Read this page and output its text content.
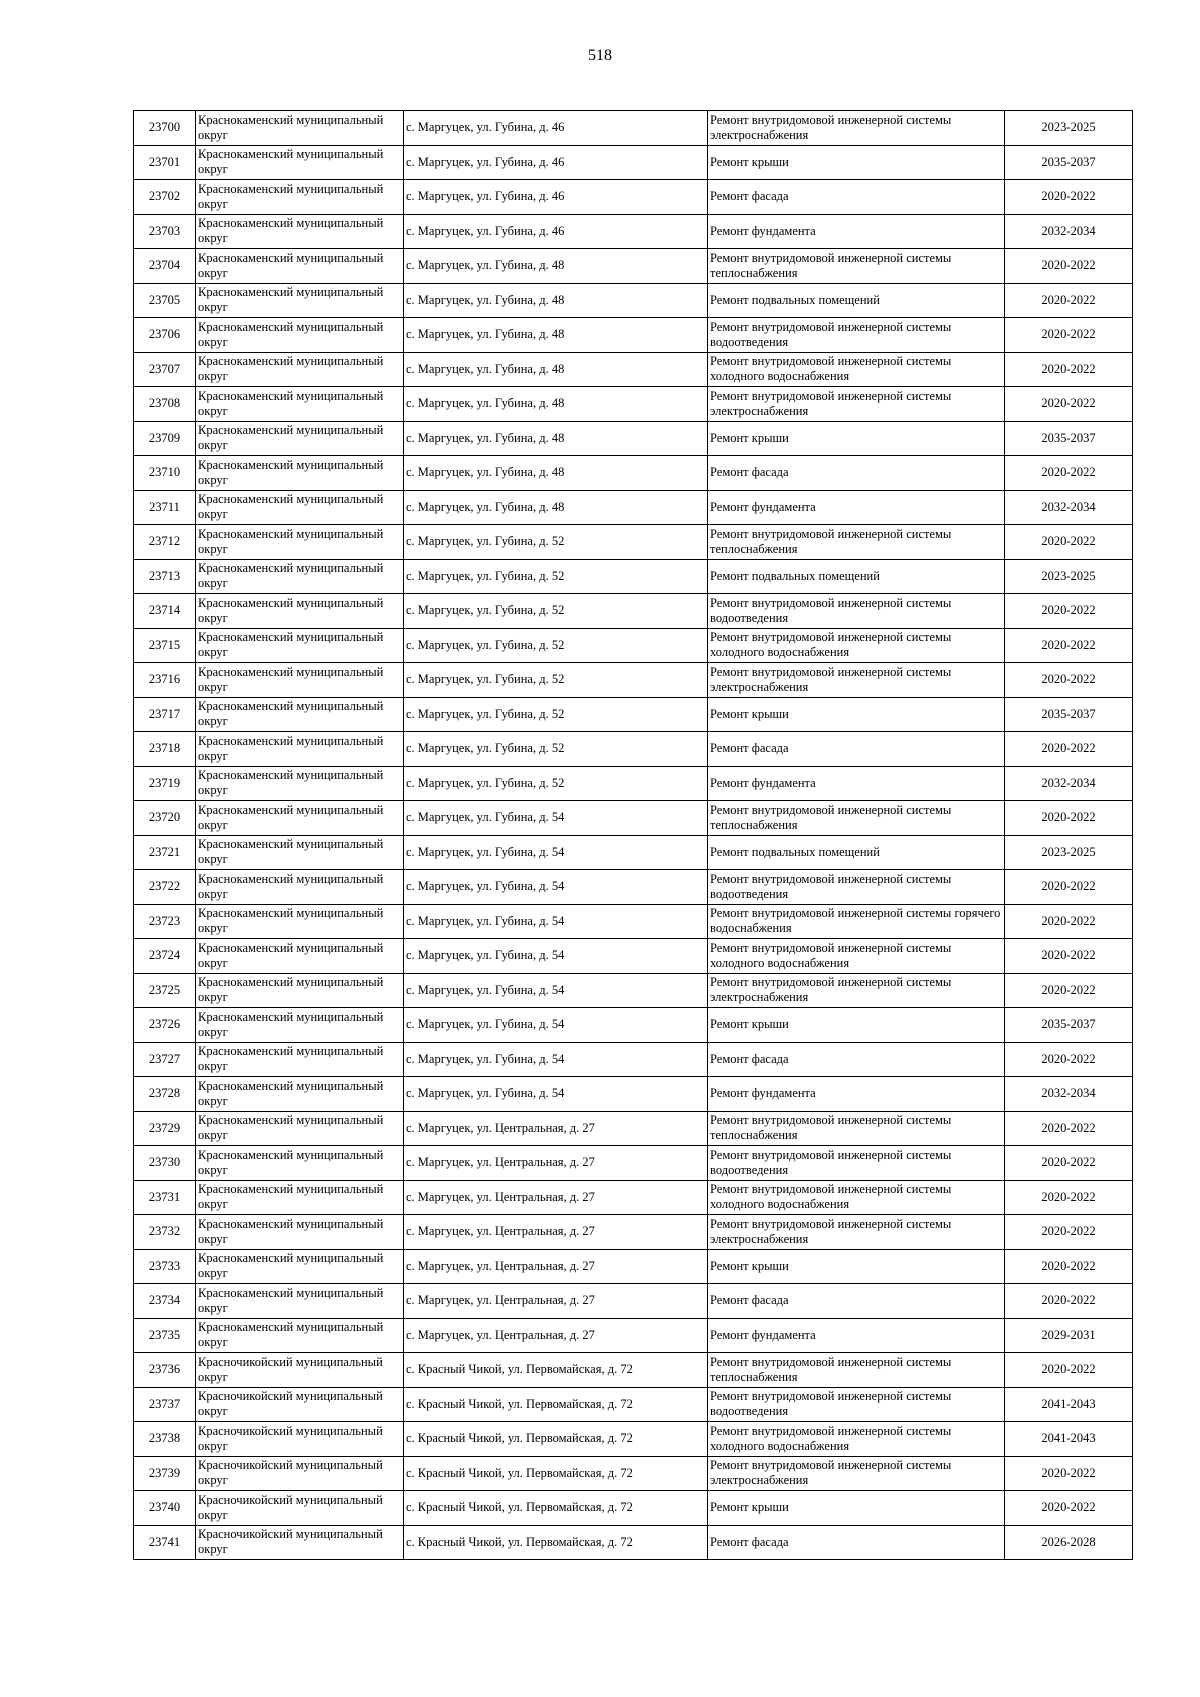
518
23700	Краснокаменский муниципальный округ	с. Маргуцек, ул. Губина, д. 46	Ремонт внутридомовой инженерной системы электроснабжения	2023-2025
23701	Краснокаменский муниципальный округ	с. Маргуцек, ул. Губина, д. 46	Ремонт крыши	2035-2037
23702	Краснокаменский муниципальный округ	с. Маргуцек, ул. Губина, д. 46	Ремонт фасада	2020-2022
23703	Краснокаменский муниципальный округ	с. Маргуцек, ул. Губина, д. 46	Ремонт фундамента	2032-2034
23704	Краснокаменский муниципальный округ	с. Маргуцек, ул. Губина, д. 48	Ремонт внутридомовой инженерной системы теплоснабжения	2020-2022
23705	Краснокаменский муниципальный округ	с. Маргуцек, ул. Губина, д. 48	Ремонт подвальных помещений	2020-2022
23706	Краснокаменский муниципальный округ	с. Маргуцек, ул. Губина, д. 48	Ремонт внутридомовой инженерной системы водоотведения	2020-2022
23707	Краснокаменский муниципальный округ	с. Маргуцек, ул. Губина, д. 48	Ремонт внутридомовой инженерной системы холодного водоснабжения	2020-2022
23708	Краснокаменский муниципальный округ	с. Маргуцек, ул. Губина, д. 48	Ремонт внутридомовой инженерной системы электроснабжения	2020-2022
23709	Краснокаменский муниципальный округ	с. Маргуцек, ул. Губина, д. 48	Ремонт крыши	2035-2037
23710	Краснокаменский муниципальный округ	с. Маргуцек, ул. Губина, д. 48	Ремонт фасада	2020-2022
23711	Краснокаменский муниципальный округ	с. Маргуцек, ул. Губина, д. 48	Ремонт фундамента	2032-2034
23712	Краснокаменский муниципальный округ	с. Маргуцек, ул. Губина, д. 52	Ремонт внутридомовой инженерной системы теплоснабжения	2020-2022
23713	Краснокаменский муниципальный округ	с. Маргуцек, ул. Губина, д. 52	Ремонт подвальных помещений	2023-2025
23714	Краснокаменский муниципальный округ	с. Маргуцек, ул. Губина, д. 52	Ремонт внутридомовой инженерной системы водоотведения	2020-2022
23715	Краснокаменский муниципальный округ	с. Маргуцек, ул. Губина, д. 52	Ремонт внутридомовой инженерной системы холодного водоснабжения	2020-2022
23716	Краснокаменский муниципальный округ	с. Маргуцек, ул. Губина, д. 52	Ремонт внутридомовой инженерной системы электроснабжения	2020-2022
23717	Краснокаменский муниципальный округ	с. Маргуцек, ул. Губина, д. 52	Ремонт крыши	2035-2037
23718	Краснокаменский муниципальный округ	с. Маргуцек, ул. Губина, д. 52	Ремонт фасада	2020-2022
23719	Краснокаменский муниципальный округ	с. Маргуцек, ул. Губина, д. 52	Ремонт фундамента	2032-2034
23720	Краснокаменский муниципальный округ	с. Маргуцек, ул. Губина, д. 54	Ремонт внутридомовой инженерной системы теплоснабжения	2020-2022
23721	Краснокаменский муниципальный округ	с. Маргуцек, ул. Губина, д. 54	Ремонт подвальных помещений	2023-2025
23722	Краснокаменский муниципальный округ	с. Маргуцек, ул. Губина, д. 54	Ремонт внутридомовой инженерной системы водоотведения	2020-2022
23723	Краснокаменский муниципальный округ	с. Маргуцек, ул. Губина, д. 54	Ремонт внутридомовой инженерной системы горячего водоснабжения	2020-2022
23724	Краснокаменский муниципальный округ	с. Маргуцек, ул. Губина, д. 54	Ремонт внутридомовой инженерной системы холодного водоснабжения	2020-2022
23725	Краснокаменский муниципальный округ	с. Маргуцек, ул. Губина, д. 54	Ремонт внутридомовой инженерной системы электроснабжения	2020-2022
23726	Краснокаменский муниципальный округ	с. Маргуцек, ул. Губина, д. 54	Ремонт крыши	2035-2037
23727	Краснокаменский муниципальный округ	с. Маргуцек, ул. Губина, д. 54	Ремонт фасада	2020-2022
23728	Краснокаменский муниципальный округ	с. Маргуцек, ул. Губина, д. 54	Ремонт фундамента	2032-2034
23729	Краснокаменский муниципальный округ	с. Маргуцек, ул. Центральная, д. 27	Ремонт внутридомовой инженерной системы теплоснабжения	2020-2022
23730	Краснокаменский муниципальный округ	с. Маргуцек, ул. Центральная, д. 27	Ремонт внутридомовой инженерной системы водоотведения	2020-2022
23731	Краснокаменский муниципальный округ	с. Маргуцек, ул. Центральная, д. 27	Ремонт внутридомовой инженерной системы холодного водоснабжения	2020-2022
23732	Краснокаменский муниципальный округ	с. Маргуцек, ул. Центральная, д. 27	Ремонт внутридомовой инженерной системы электроснабжения	2020-2022
23733	Краснокаменский муниципальный округ	с. Маргуцек, ул. Центральная, д. 27	Ремонт крыши	2020-2022
23734	Краснокаменский муниципальный округ	с. Маргуцек, ул. Центральная, д. 27	Ремонт фасада	2020-2022
23735	Краснокаменский муниципальный округ	с. Маргуцек, ул. Центральная, д. 27	Ремонт фундамента	2029-2031
23736	Красночикойский муниципальный округ	с. Красный Чикой, ул. Первомайская, д. 72	Ремонт внутридомовой инженерной системы теплоснабжения	2020-2022
23737	Красночикойский муниципальный округ	с. Красный Чикой, ул. Первомайская, д. 72	Ремонт внутридомовой инженерной системы водоотведения	2041-2043
23738	Красночикойский муниципальный округ	с. Красный Чикой, ул. Первомайская, д. 72	Ремонт внутридомовой инженерной системы холодного водоснабжения	2041-2043
23739	Красночикойский муниципальный округ	с. Красный Чикой, ул. Первомайская, д. 72	Ремонт внутридомовой инженерной системы электроснабжения	2020-2022
23740	Красночикойский муниципальный округ	с. Красный Чикой, ул. Первомайская, д. 72	Ремонт крыши	2020-2022
23741	Красночикойский муниципальный округ	с. Красный Чикой, ул. Первомайская, д. 72	Ремонт фасада	2026-2028
